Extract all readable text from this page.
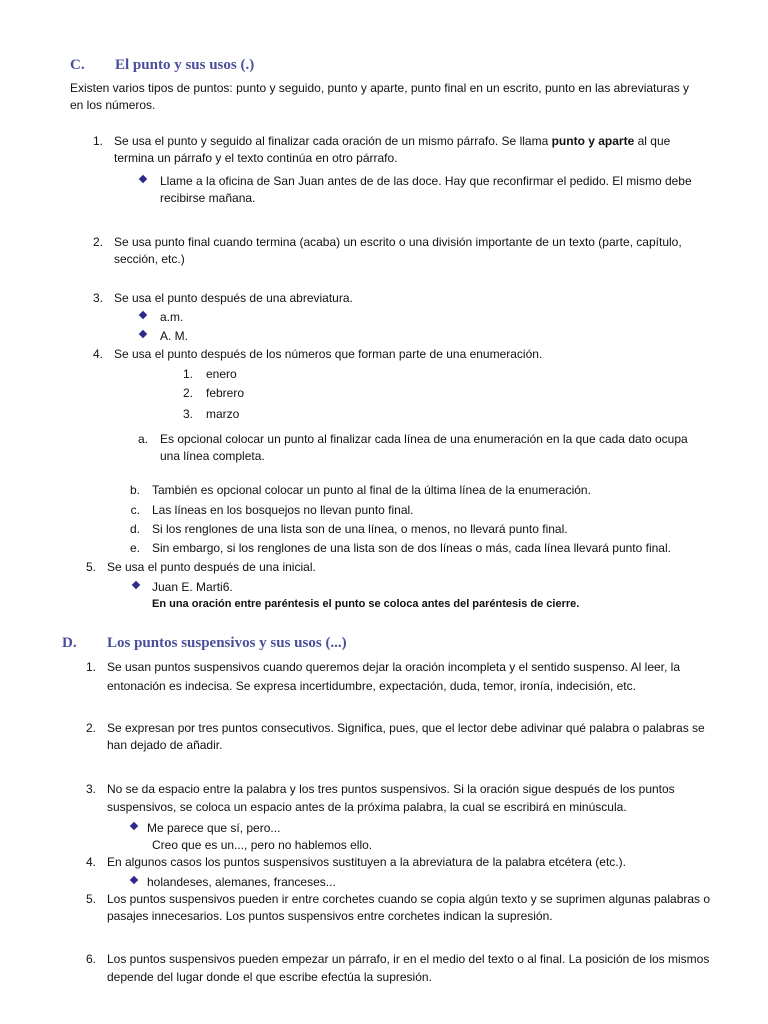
C. El punto y sus usos (.)
Existen varios tipos de puntos: punto y seguido, punto y aparte, punto final en un escrito, punto en las abreviaturas y
en los números.
1. Se usa el punto y seguido al finalizar cada oración de un mismo párrafo. Se llama punto y aparte al que
termina un párrafo y el texto continúa en otro párrafo.
Llame a la oficina de San Juan antes de de las doce. Hay que reconfirmar el pedido. El mismo debe
recibirse mañana.
2. Se usa punto final cuando termina (acaba) un escrito o una división importante de un texto (parte, capítulo,
sección, etc.)
3. Se usa el punto después de una abreviatura.
a.m.
A. M.
4. Se usa el punto después de los números que forman parte de una enumeración.
1. enero
2. febrero
3. marzo
a. Es opcional colocar un punto al finalizar cada línea de una enumeración en la que cada dato ocupa
una línea completa.
b. También es opcional colocar un punto al final de la última línea de la enumeración.
c. Las líneas en los bosquejos no llevan punto final.
d. Si los renglones de una lista son de una línea, o menos, no llevará punto final.
e. Sin embargo, si los renglones de una lista son de dos líneas o más, cada línea llevará punto final.
5. Se usa el punto después de una inicial.
Juan E. Marti6.
En una oración entre paréntesis el punto se coloca antes del paréntesis de cierre.
D. Los puntos suspensivos y sus usos (...)
1. Se usan puntos suspensivos cuando queremos dejar la oración incompleta y el sentido suspenso. Al leer, la
entonación es indecisa. Se expresa incertidumbre, expectación, duda, temor, ironía, indecisión, etc.
2. Se expresan por tres puntos consecutivos. Significa, pues, que el lector debe adivinar qué palabra o palabras se
han dejado de añadir.
3. No se da espacio entre la palabra y los tres puntos suspensivos. Si la oración sigue después de los puntos
suspensivos, se coloca un espacio antes de la próxima palabra, la cual se escribirá en minúscula.
Me parece que sí, pero...
Creo que es un..., pero no hablemos ello.
4. En algunos casos los puntos suspensivos sustituyen a la abreviatura de la palabra etcétera (etc.).
holandeses, alemanes, franceses...
5. Los puntos suspensivos pueden ir entre corchetes cuando se copia algún texto y se suprimen algunas palabras o
pasajes innecesarios. Los puntos suspensivos entre corchetes indican la supresión.
6. Los puntos suspensivos pueden empezar un párrafo, ir en el medio del texto o al final. La posición de los mismos
depende del lugar donde el que escribe efectúa la supresión.
